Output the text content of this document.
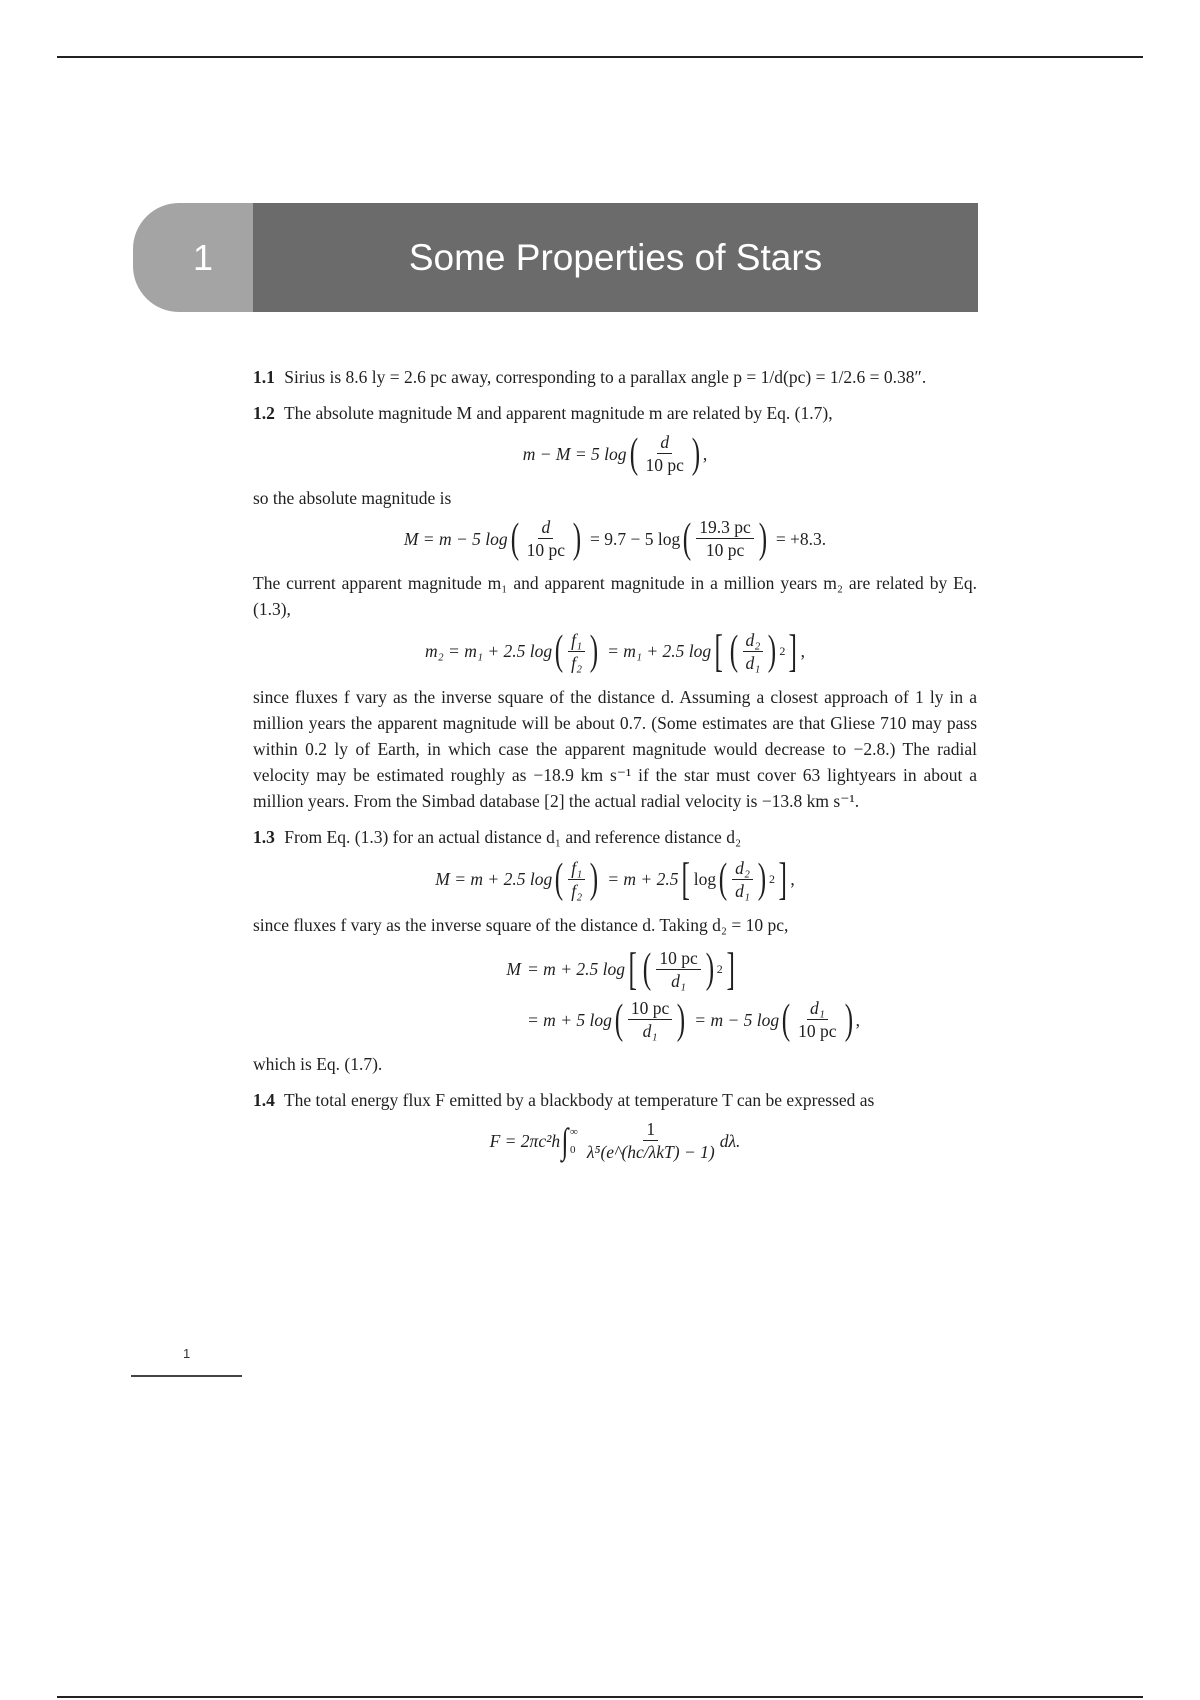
1	Some Properties of Stars

1.1 Sirius is 8.6 ly = 2.6 pc away, corresponding to a parallax angle p = 1/d(pc) = 1/2.6 = 0.38″.

1.2 The absolute magnitude M and apparent magnitude m are related by Eq. (1.7),

m − M = 5 log ( $\frac{d}{10 pc}$ ) ,

so the absolute magnitude is

M = m − 5 log ( $\frac{d}{10 pc}$ ) = 9.7 − 5 log ( $\frac{19.3 pc}{10 pc}$ ) = +8.3.

The current apparent magnitude m₁ and apparent magnitude in a million years m₂ are related by Eq. (1.3),

m₂ = m₁ + 2.5 log ( $\frac{\text{f₁}}{\text{f₂}}$ ) = m₁ + 2.5 log [ ( $\frac{\text{d₂}}{\text{d₁}}$ ) 2 ] ,

since fluxes f vary as the inverse square of the distance d. Assuming a closest approach of 1 ly in a million years the apparent magnitude will be about 0.7. (Some estimates are that Gliese 710 may pass within 0.2 ly of Earth, in which case the apparent magnitude would decrease to −2.8.) The radial velocity may be estimated roughly as −18.9 km s⁻¹ if the star must cover 63 lightyears in about a million years. From the Simbad database [2] the actual radial velocity is −13.8 km s⁻¹.

1.3 From Eq. (1.3) for an actual distance d₁ and reference distance d₂

M = m + 2.5 log ( $\frac{\text{f₁}}{\text{f₂}}$ ) = m + 2.5 [ log ( $\frac{\text{d₂}}{\text{d₁}}$ ) 2 ] ,

since fluxes f vary as the inverse square of the distance d. Taking d₂ = 10 pc,

M = m + 2.5 log [ ( $\frac{10 pc}{\text{d₁}}$ ) 2 ]
= m + 5 log ( $\frac{10 pc}{\text{d₁}}$ ) = m − 5 log ( $\frac{\text{d₁}}{10 pc}$ ) ,

which is Eq. (1.7).

1.4 The total energy flux F emitted by a blackbody at temperature T can be expressed as

F = 2πc²h ∫ ∞
$0 \frac{1}{\text{λ⁵(e\textasciicircum{}(hc/λkT) − 1)}} d\lambda$.
1
